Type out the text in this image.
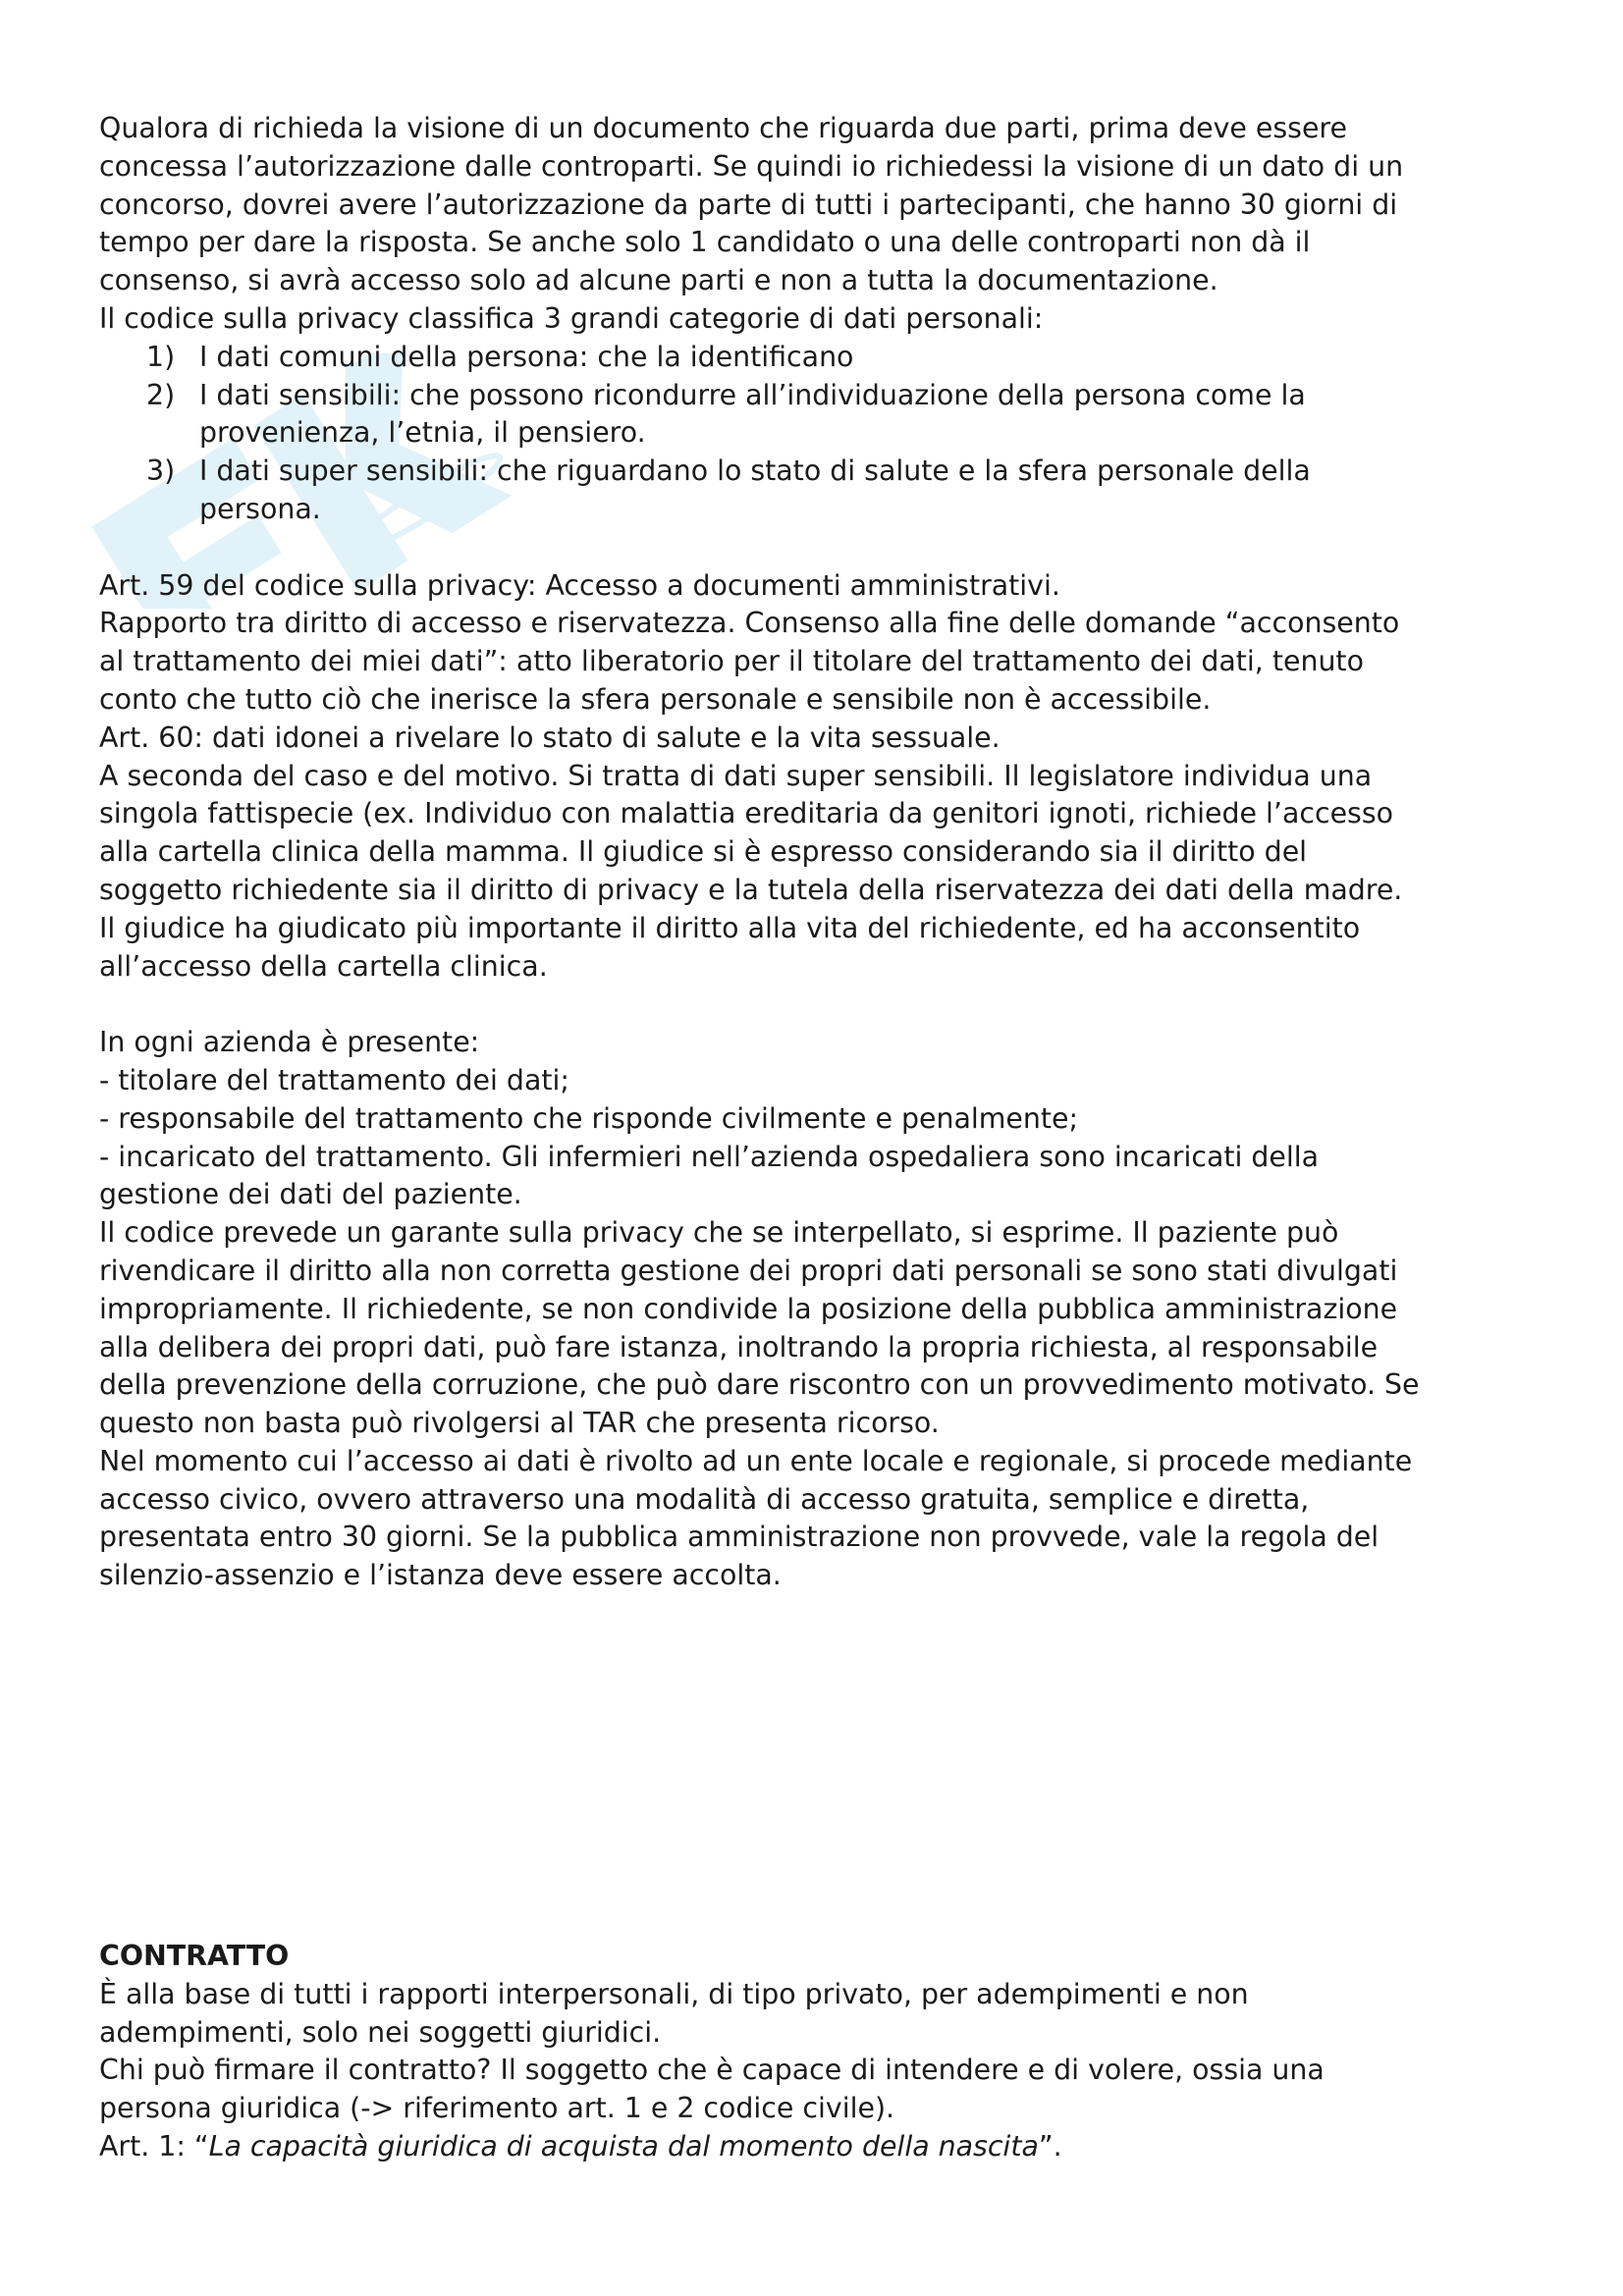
Qualora di richieda la visione di un documento che riguarda due parti, prima deve essere

concessa l’autorizzazione dalle controparti. Se quindi io richiedessi la visione di un dato di un

concorso, dovrei avere l’autorizzazione da parte di tutti i partecipanti, che hanno 30 giorni di

tempo per dare la risposta. Se anche solo 1 candidato o una delle controparti non dà il

consenso, si avrà accesso solo ad alcune parti e non a tutta la documentazione.

Il codice sulla privacy classifica 3 grandi categorie di dati personali:

1) I dati comuni della persona: che la identificano
2) I dati sensibili: che possono ricondurre all’individuazione della persona come la
provenienza, l’etnia, il pensiero.
3) I dati super sensibili: che riguardano lo stato di salute e la sfera personale della
persona.

Art. 59 del codice sulla privacy: Accesso a documenti amministrativi.

Rapporto tra diritto di accesso e riservatezza. Consenso alla fine delle domande “acconsento

al trattamento dei miei dati”: atto liberatorio per il titolare del trattamento dei dati, tenuto

conto che tutto ciò che inerisce la sfera personale e sensibile non è accessibile.

Art. 60: dati idonei a rivelare lo stato di salute e la vita sessuale.

A seconda del caso e del motivo. Si tratta di dati super sensibili. Il legislatore individua una

singola fattispecie (ex. Individuo con malattia ereditaria da genitori ignoti, richiede l’accesso

alla cartella clinica della mamma. Il giudice si è espresso considerando sia il diritto del

soggetto richiedente sia il diritto di privacy e la tutela della riservatezza dei dati della madre.

Il giudice ha giudicato più importante il diritto alla vita del richiedente, ed ha acconsentito

all’accesso della cartella clinica.

In ogni azienda è presente:

- titolare del trattamento dei dati;

- responsabile del trattamento che risponde civilmente e penalmente;

- incaricato del trattamento. Gli infermieri nell’azienda ospedaliera sono incaricati della

gestione dei dati del paziente.

Il codice prevede un garante sulla privacy che se interpellato, si esprime. Il paziente può

rivendicare il diritto alla non corretta gestione dei propri dati personali se sono stati divulgati

impropriamente. Il richiedente, se non condivide la posizione della pubblica amministrazione

alla delibera dei propri dati, può fare istanza, inoltrando la propria richiesta, al responsabile

della prevenzione della corruzione, che può dare riscontro con un provvedimento motivato. Se

questo non basta può rivolgersi al TAR che presenta ricorso.

Nel momento cui l’accesso ai dati è rivolto ad un ente locale e regionale, si procede mediante

accesso civico, ovvero attraverso una modalità di accesso gratuita, semplice e diretta,

presentata entro 30 giorni. Se la pubblica amministrazione non provvede, vale la regola del

silenzio-assenzio e l’istanza deve essere accolta.

CONTRATTO

È alla base di tutti i rapporti interpersonali, di tipo privato, per adempimenti e non

adempimenti, solo nei soggetti giuridici.

Chi può firmare il contratto? Il soggetto che è capace di intendere e di volere, ossia una

persona giuridica (-> riferimento art. 1 e 2 codice civile).

Art. 1: “La capacità giuridica di acquista dal momento della nascita”.
